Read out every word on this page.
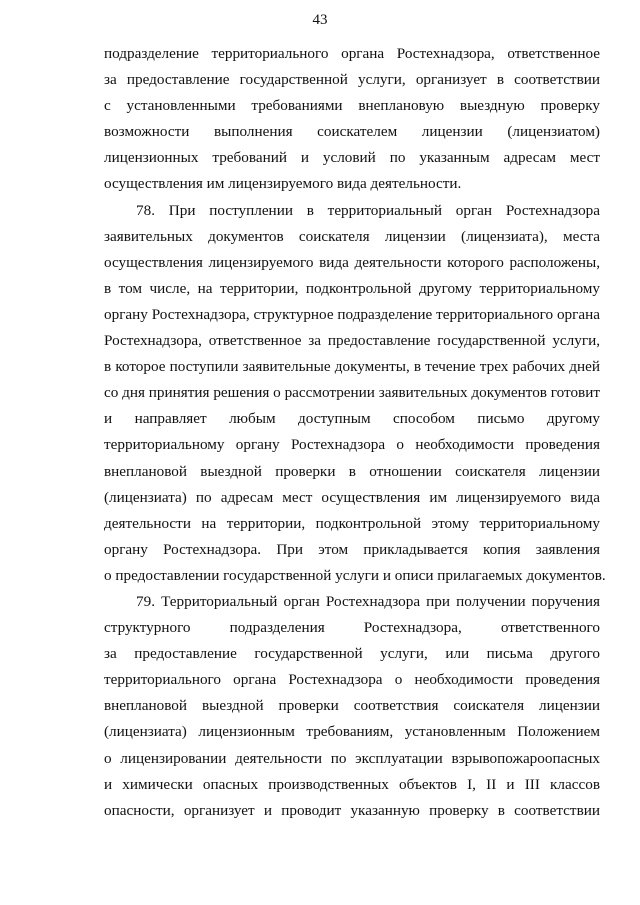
43

подразделение территориального органа Ростехнадзора, ответственное
за предоставление государственной услуги, организует в соответствии
с установленными требованиями внеплановую выездную проверку
возможности выполнения соискателем лицензии (лицензиатом)
лицензионных требований и условий по указанным адресам мест
осуществления им лицензируемого вида деятельности.

78. При поступлении в территориальный орган Ростехнадзора
заявительных документов соискателя лицензии (лицензиата), места
осуществления лицензируемого вида деятельности которого расположены,
в том числе, на территории, подконтрольной другому территориальному
органу Ростехнадзора, структурное подразделение территориального органа
Ростехнадзора, ответственное за предоставление государственной услуги,
в которое поступили заявительные документы, в течение трех рабочих дней
со дня принятия решения о рассмотрении заявительных документов готовит
и направляет любым доступным способом письмо другому
территориальному органу Ростехнадзора о необходимости проведения
внеплановой выездной проверки в отношении соискателя лицензии
(лицензиата) по адресам мест осуществления им лицензируемого вида
деятельности на территории, подконтрольной этому территориальному
органу Ростехнадзора. При этом прикладывается копия заявления
о предоставлении государственной услуги и описи прилагаемых документов.

79. Территориальный орган Ростехнадзора при получении поручения
структурного подразделения Ростехнадзора, ответственного
за предоставление государственной услуги, или письма другого
территориального органа Ростехнадзора о необходимости проведения
внеплановой выездной проверки соответствия соискателя лицензии
(лицензиата) лицензионным требованиям, установленным Положением
о лицензировании деятельности по эксплуатации взрывопожароопасных
и химически опасных производственных объектов I, II и III классов
опасности, организует и проводит указанную проверку в соответствии
